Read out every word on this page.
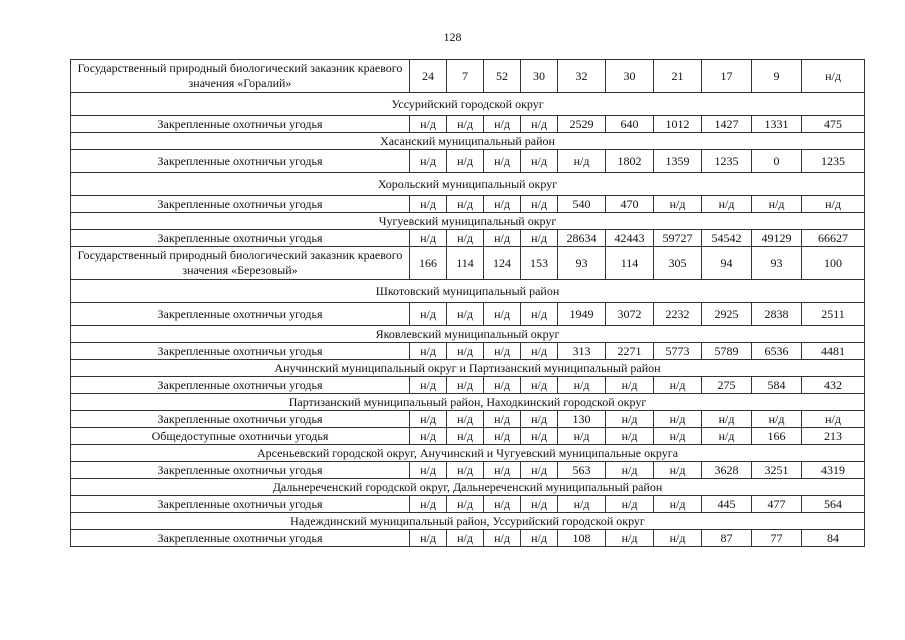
128
Государственный природный биологический заказник краевого значения «Горалий»	24	7	52	30	32	30	21	17	9	н/д
Уссурийский городской округ										
Закрепленные охотничьи угодья	н/д	н/д	н/д	н/д	2529	640	1012	1427	1331	475
Хасанский муниципальный район										
Закрепленные охотничьи угодья	н/д	н/д	н/д	н/д	н/д	1802	1359	1235	0	1235
Хорольский муниципальный округ										
Закрепленные охотничьи угодья	н/д	н/д	н/д	н/д	540	470	н/д	н/д	н/д	н/д
Чугуевский муниципальный округ										
Закрепленные охотничьи угодья	н/д	н/д	н/д	н/д	28634	42443	59727	54542	49129	66627
Государственный природный биологический заказник краевого значения «Березовый»	166	114	124	153	93	114	305	94	93	100
Шкотовский муниципальный район										
Закрепленные охотничьи угодья	н/д	н/д	н/д	н/д	1949	3072	2232	2925	2838	2511
Яковлевский муниципальный округ										
Закрепленные охотничьи угодья	н/д	н/д	н/д	н/д	313	2271	5773	5789	6536	4481
Анучинский муниципальный округ и Партизанский муниципальный район										
Закрепленные охотничьи угодья	н/д	н/д	н/д	н/д	н/д	н/д	н/д	275	584	432
Партизанский муниципальный район, Находкинский городской округ										
Закрепленные охотничьи угодья	н/д	н/д	н/д	н/д	130	н/д	н/д	н/д	н/д	н/д
Общедоступные охотничьи угодья	н/д	н/д	н/д	н/д	н/д	н/д	н/д	н/д	166	213
Арсеньевский городской округ, Анучинский и Чугуевский муниципальные округа										
Закрепленные охотничьи угодья	н/д	н/д	н/д	н/д	563	н/д	н/д	3628	3251	4319
Дальнереченский городской округ, Дальнереченский муниципальный район										
Закрепленные охотничьи угодья	н/д	н/д	н/д	н/д	н/д	н/д	н/д	445	477	564
Надеждинский муниципальный район, Уссурийский городской округ										
Закрепленные охотничьи угодья	н/д	н/д	н/д	н/д	108	н/д	н/д	87	77	84
